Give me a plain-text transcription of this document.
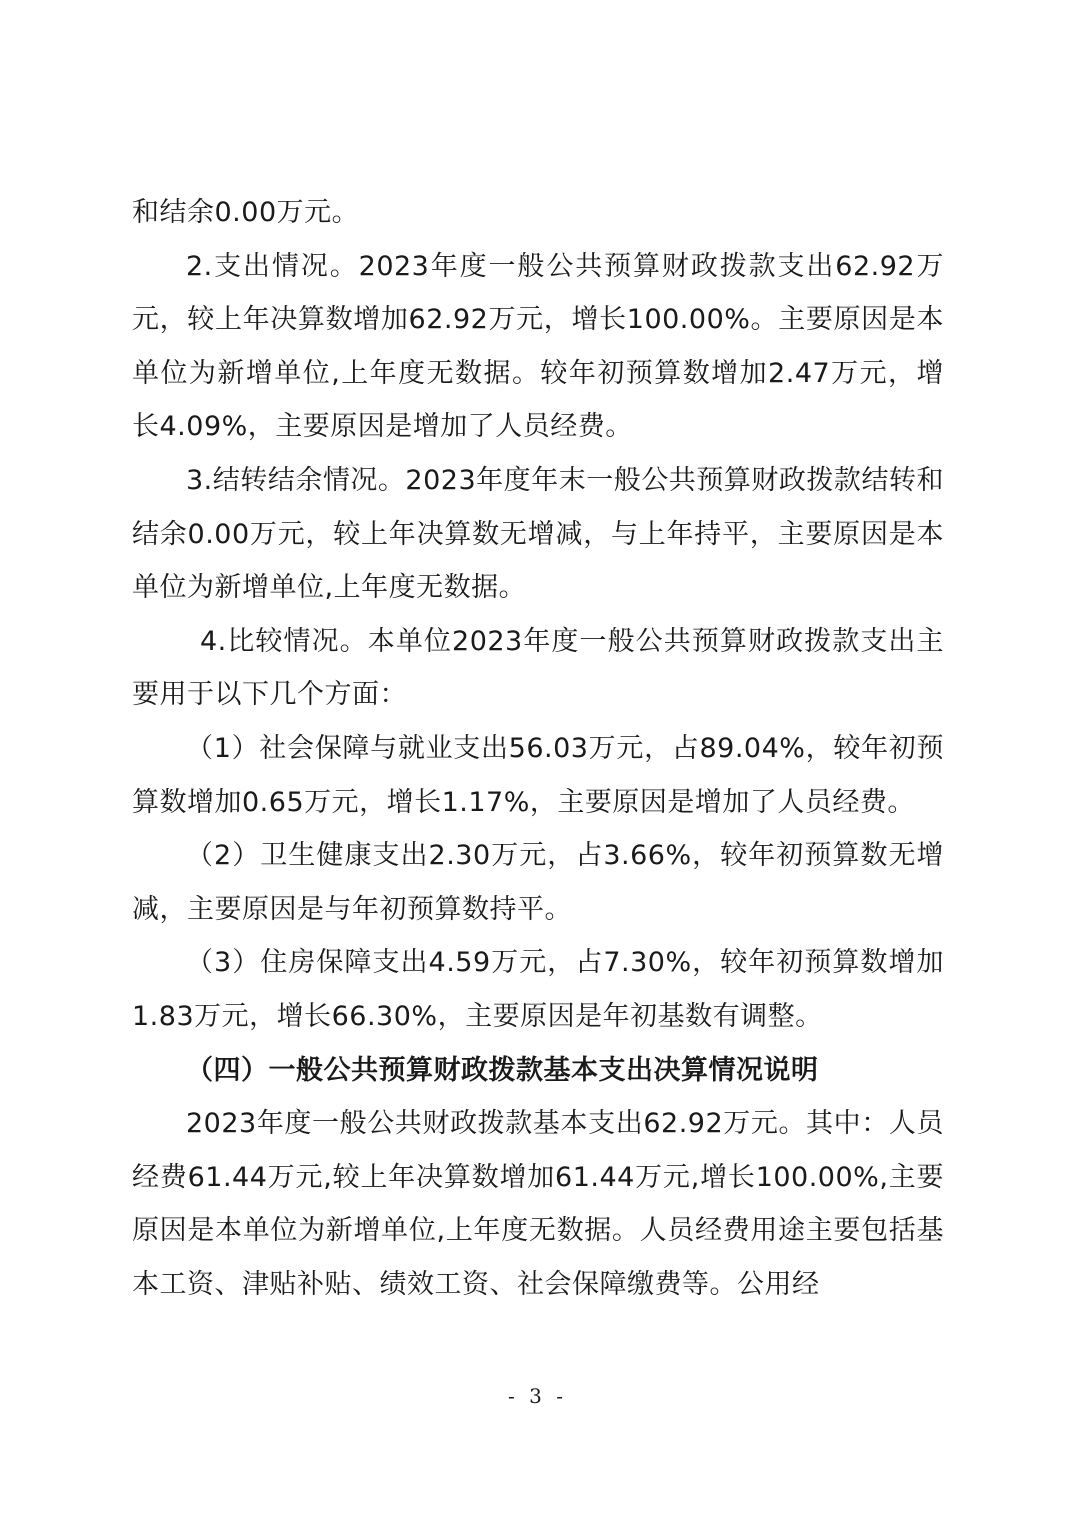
和结余0.00万元。

2.支出情况。2023年度一般公共预算财政拨款支出62.92万元，较上年决算数增加62.92万元，增长100.00%。主要原因是本单位为新增单位,上年度无数据。较年初预算数增加2.47万元，增长4.09%，主要原因是增加了人员经费。

3.结转结余情况。2023年度年末一般公共预算财政拨款结转和结余0.00万元，较上年决算数无增减，与上年持平，主要原因是本单位为新增单位,上年度无数据。

4.比较情况。本单位2023年度一般公共预算财政拨款支出主要用于以下几个方面：

（1）社会保障与就业支出56.03万元，占89.04%，较年初预算数增加0.65万元，增长1.17%，主要原因是增加了人员经费。

（2）卫生健康支出2.30万元，占3.66%，较年初预算数无增减，主要原因是与年初预算数持平。

（3）住房保障支出4.59万元，占7.30%，较年初预算数增加1.83万元，增长66.30%，主要原因是年初基数有调整。

（四）一般公共预算财政拨款基本支出决算情况说明

2023年度一般公共财政拨款基本支出62.92万元。其中：人员经费61.44万元,较上年决算数增加61.44万元,增长100.00%,主要原因是本单位为新增单位,上年度无数据。人员经费用途主要包括基本工资、津贴补贴、绩效工资、社会保障缴费等。公用经

- 3 -
